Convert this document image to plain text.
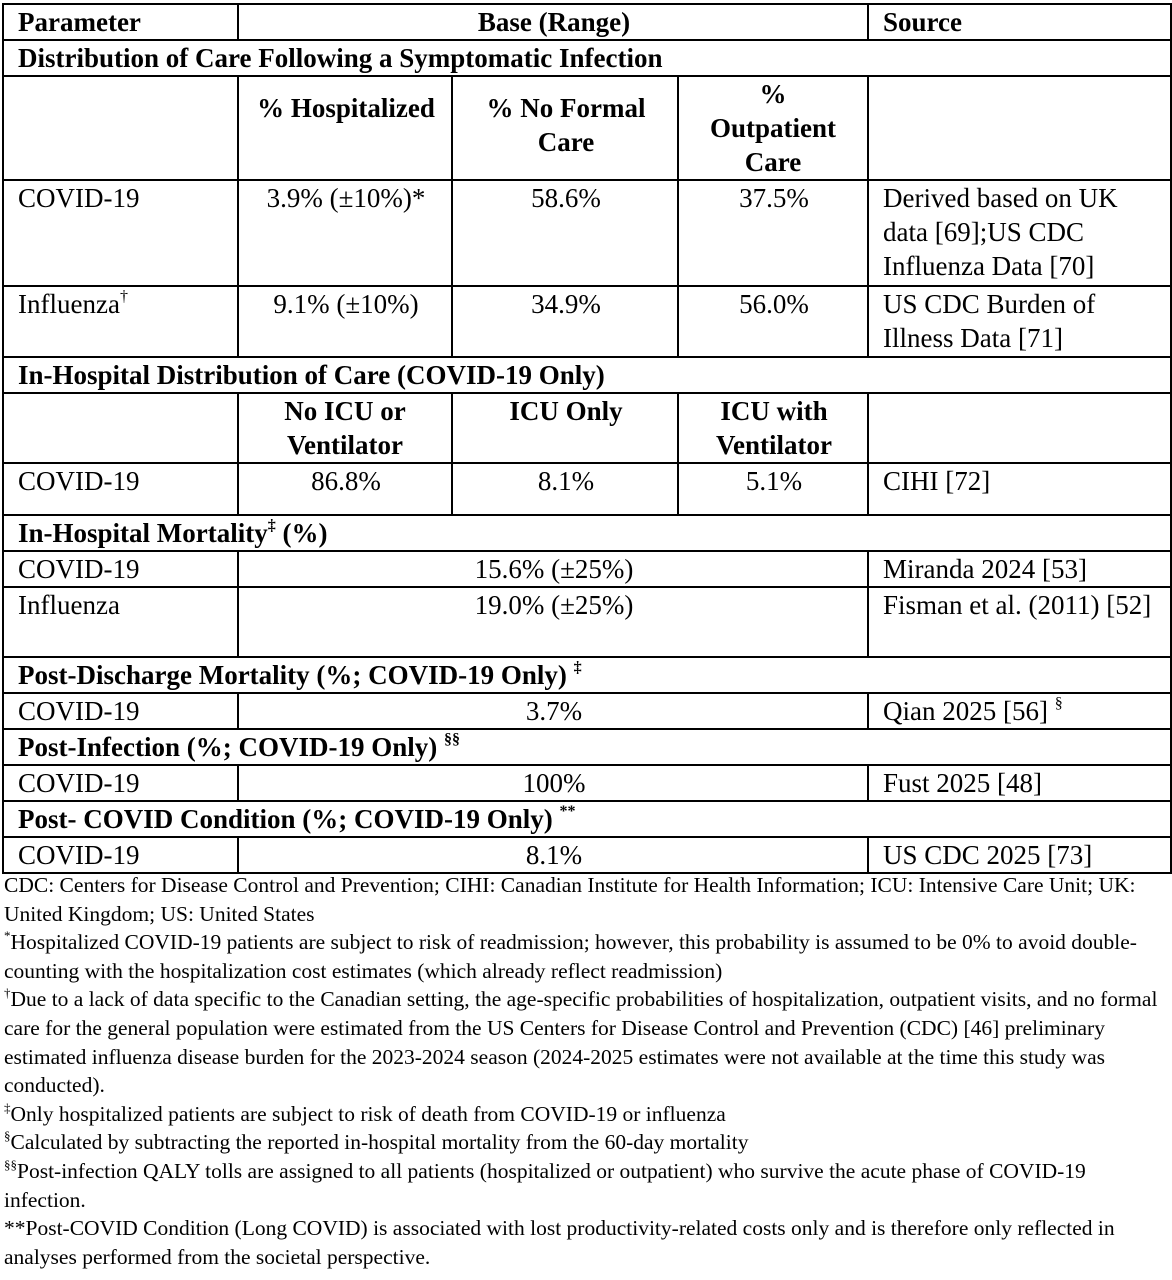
Parameter	Base (Range)			Source
Distribution of Care Following a Symptomatic Infection				
	% Hospitalized	% No Formal Care	% Outpatient Care	
COVID-19	3.9% (±10%)*	58.6%	37.5%	Derived based on UK data [69];US CDC Influenza Data [70]
Influenza†	9.1% (±10%)	34.9%	56.0%	US CDC Burden of Illness Data [71]
In-Hospital Distribution of Care (COVID-19 Only)				
	No ICU or Ventilator	ICU Only	ICU with Ventilator	
COVID-19	86.8%	8.1%	5.1%	CIHI [72]
In-Hospital Mortality‡ (%)				
COVID-19	15.6% (±25%)			Miranda 2024 [53]
Influenza	19.0% (±25%)			Fisman et al. (2011) [52]
Post-Discharge Mortality (%; COVID-19 Only) ‡
COVID-19	3.7%			Qian 2025 [56] §
Post-Infection (%; COVID-19 Only) §§
COVID-19	100%			Fust 2025 [48]
Post- COVID Condition (%; COVID-19 Only) **
COVID-19	8.1%			US CDC 2025 [73]

CDC: Centers for Disease Control and Prevention; CIHI: Canadian Institute for Health Information; ICU: Intensive Care Unit; UK: United Kingdom; US: United States

*Hospitalized COVID-19 patients are subject to risk of readmission; however, this probability is assumed to be 0% to avoid double-counting with the hospitalization cost estimates (which already reflect readmission)

†Due to a lack of data specific to the Canadian setting, the age-specific probabilities of hospitalization, outpatient visits, and no formal care for the general population were estimated from the US Centers for Disease Control and Prevention (CDC) [46] preliminary estimated influenza disease burden for the 2023-2024 season (2024-2025 estimates were not available at the time this study was conducted).

‡Only hospitalized patients are subject to risk of death from COVID-19 or influenza

§Calculated by subtracting the reported in-hospital mortality from the 60-day mortality

§§Post-infection QALY tolls are assigned to all patients (hospitalized or outpatient) who survive the acute phase of COVID-19 infection.

**Post-COVID Condition (Long COVID) is associated with lost productivity-related costs only and is therefore only reflected in analyses performed from the societal perspective.
